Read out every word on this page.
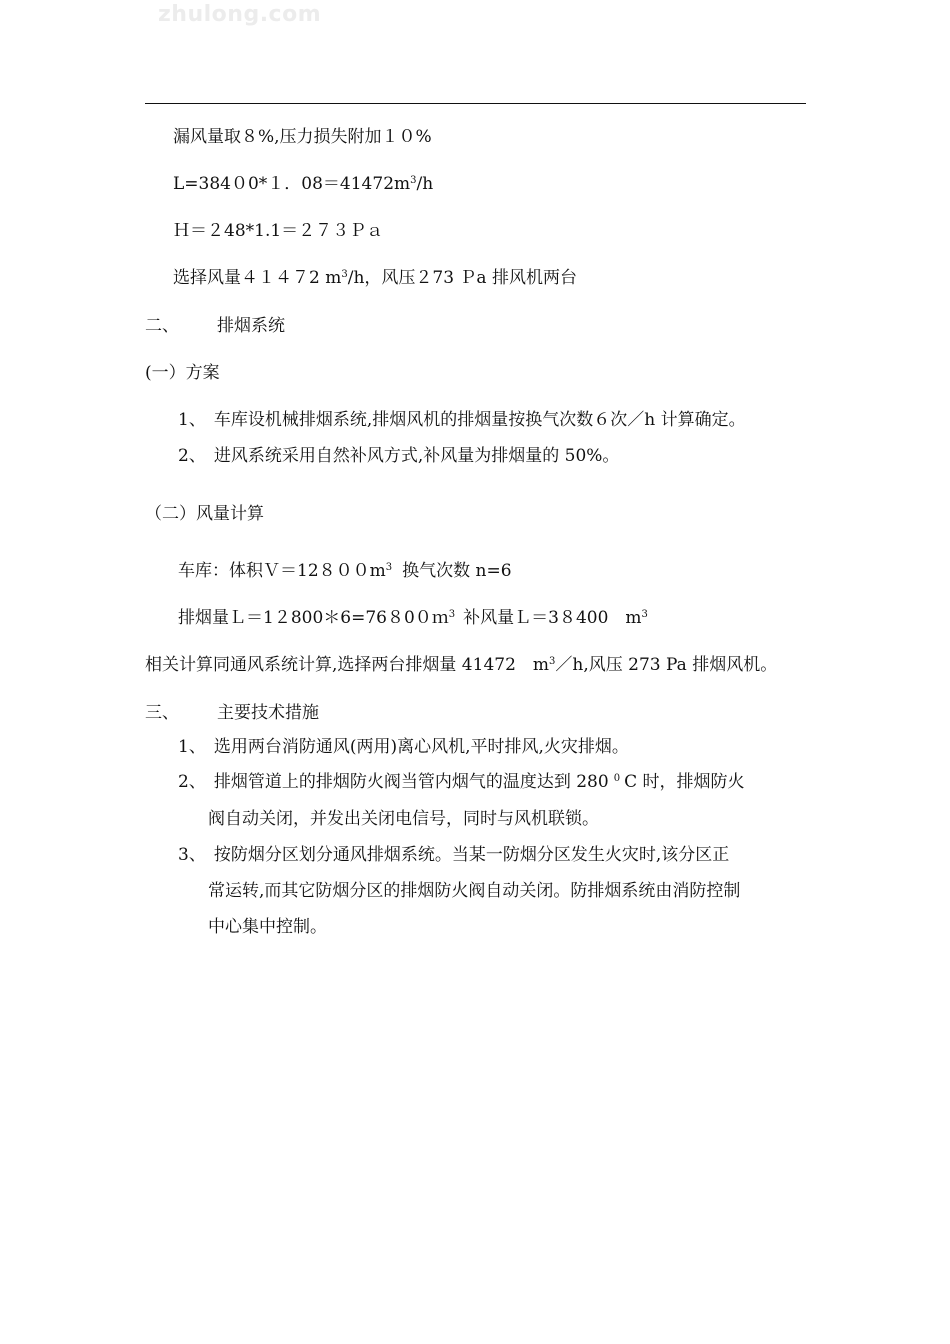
zhulong.com
漏风量取８%,压力损失附加１０%
L=384０0*１．$08=41472m^3/h$
Ｈ＝２48*1.1＝２７３Ｐａ
选择风量４１４７2 $m^3/h$，风压２73 Ｐa 排风机两台
二、 排烟系统
(一）方案
1、 车库设机械排烟系统,排烟风机的排烟量按换气次数６次／h 计算确定。
2、 进风系统采用自然补风方式,补风量为排烟量的 50%。
（二）风量计算
车库：体积$V=12800m^3$ 换气次数 n=6
排烟量Ｌ＝1２800＊6=76８0０ｍ$^3$ 补风量Ｌ＝3８400　$m^3$
相关计算同通风系统计算,选择两台排烟量 41472　$m^3/h$,风压 273 Pa 排烟风机。
三、 主要技术措施
1、 选用两台消防通风(两用)离心风机,平时排风,火灾排烟。
2、 排烟管道上的排烟防火阀当管内烟气的温度达到 280 $^0$ C 时，排烟防火
阀自动关闭，并发出关闭电信号，同时与风机联锁。
3、 按防烟分区划分通风排烟系统。当某一防烟分区发生火灾时,该分区正
常运转,而其它防烟分区的排烟防火阀自动关闭。防排烟系统由消防控制
中心集中控制。
